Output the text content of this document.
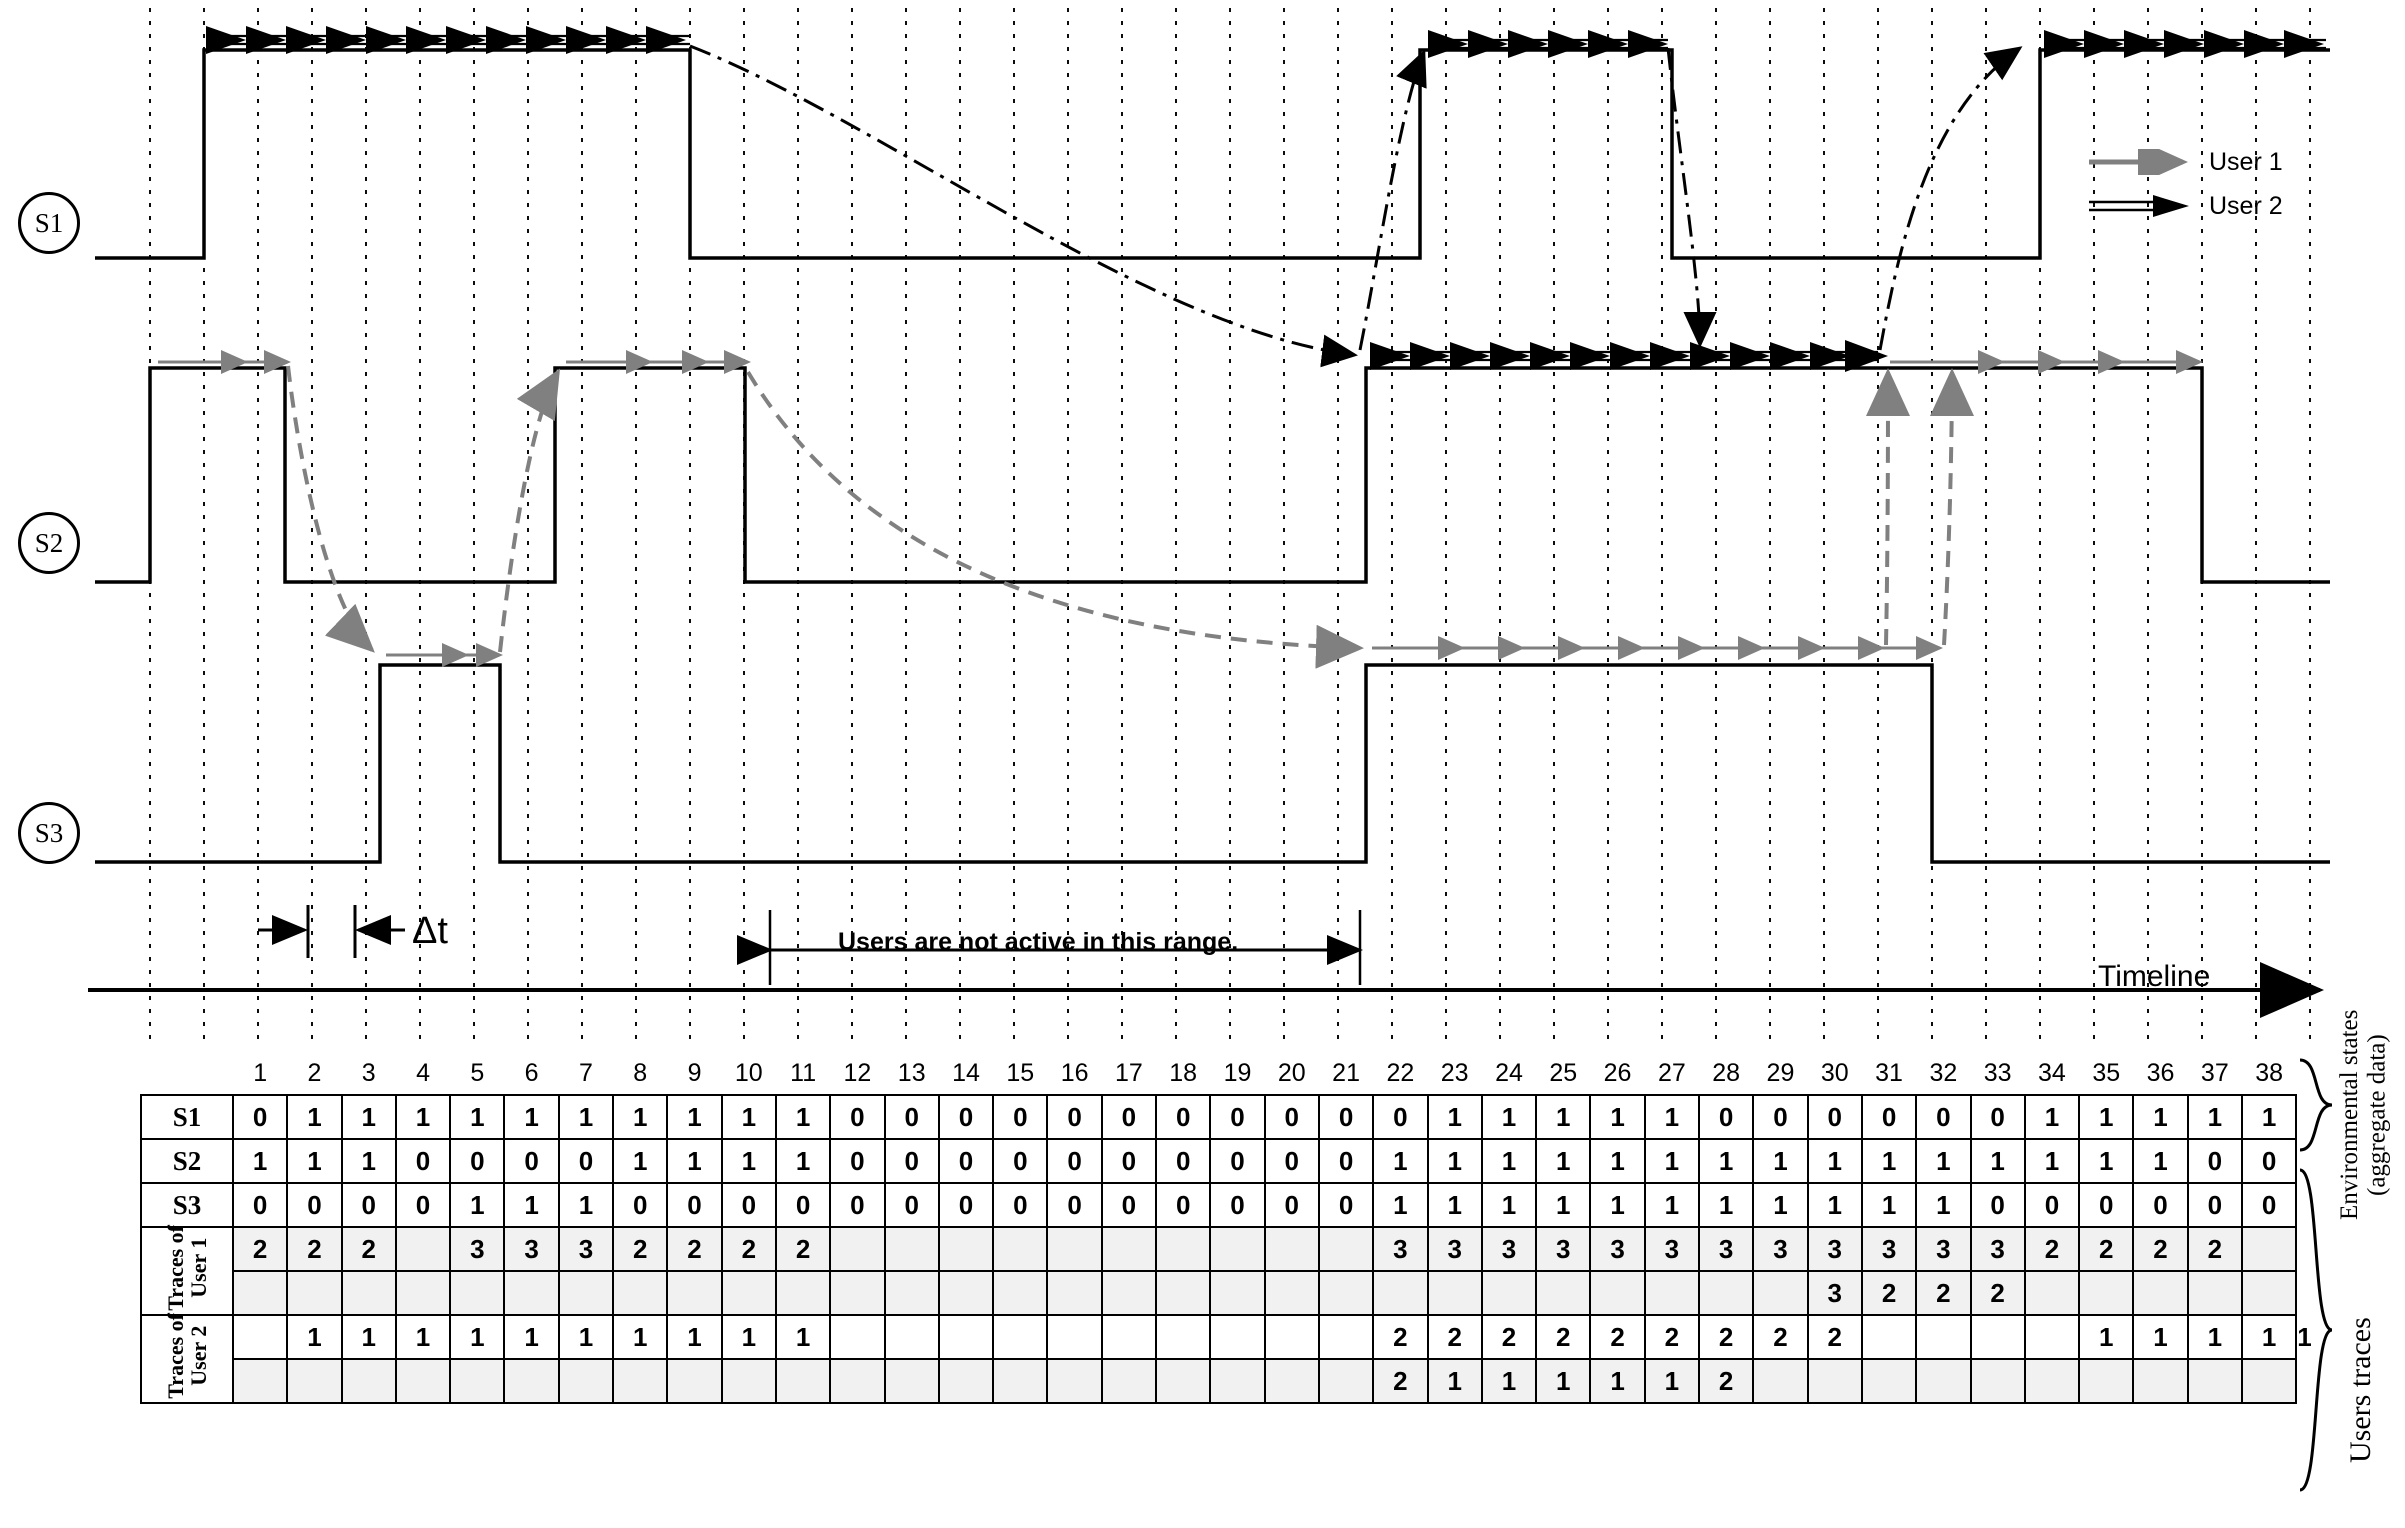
S1
S2
S3
User 1
User 2
Δt	Users are not active in this range.
Timeline
Environmental states
(aggregate data)
Users traces
	1	2	3	4	5	6	7	8	9	10	11	12	13	14	15	16	17	18	19	20	21	22	23	24	25	26	27	28	29	30	31	32	33	34	35	36	37	38	
S1	0	1	1	1	1	1	1	1	1	1	1	0	0	0	0	0	0	0	0	0	0	0	1	1	1	1	1	0	0	0	0	0	0	1	1	1	1	1	
S2	1	1	1	0	0	0	0	1	1	1	1	0	0	0	0	0	0	0	0	0	0	1	1	1	1	1	1	1	1	1	1	1	1	1	1	1	0	0	
S3	0	0	0	0	1	1	1	0	0	0	0	0	0	0	0	0	0	0	0	0	0	1	1	1	1	1	1	1	1	1	1	1	0	0	0	0	0	0	
Traces of
User 1	2	2	2		3	3	3	2	2	2	2											3	3	3	3	3	3	3	3	3	3	3	3	2	2	2	2		
																														3	2	2	2						
Traces of
User 2		1	1	1	1	1	1	1	1	1	1											2	2	2	2	2	2	2	2	2					1	1	1	1	1
																						2	1	1	1	1	1	2											
